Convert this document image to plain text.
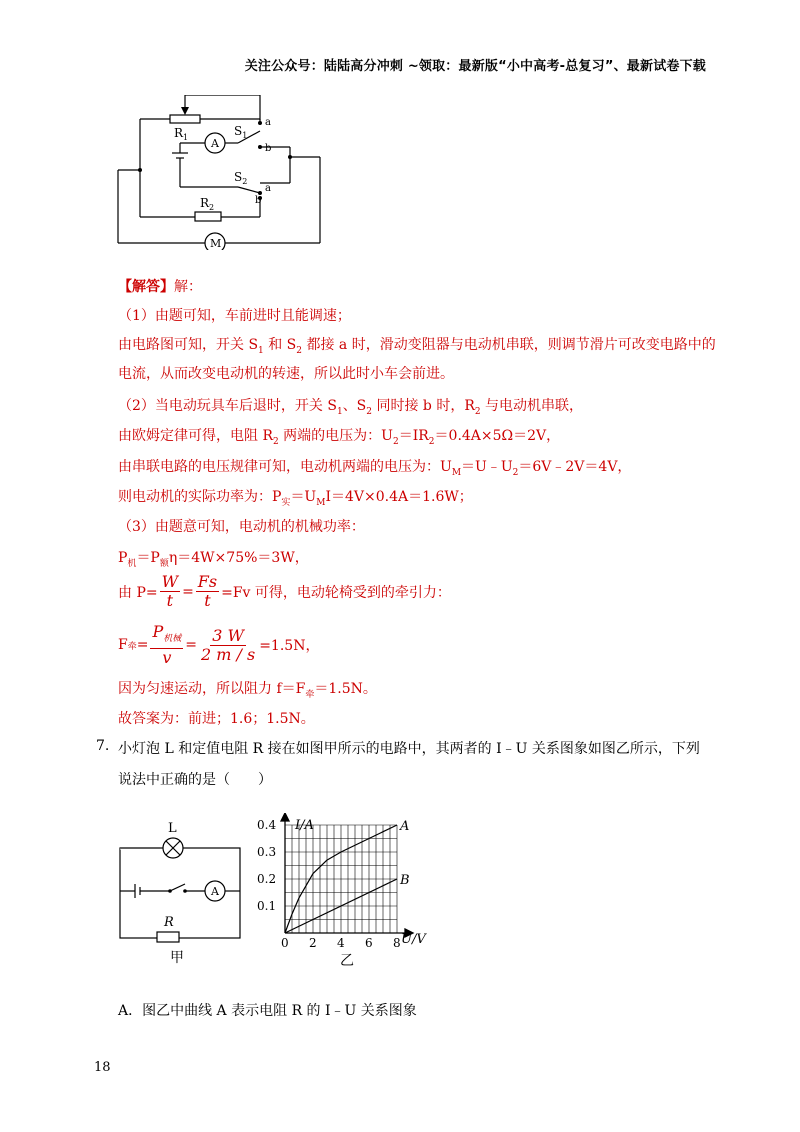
关注公众号：陆陆高分冲刺 ~领取：最新版“小中高考-总复习”、最新试卷下载
$R_1$	$S_1$
$S_2$
$R_2$
A
M
a
b
a
b
【解答】解：
（1）由题可知，车前进时且能调速；
由电路图可知，开关 $S_1$ 和 $S_2$ 都接 a 时，滑动变阻器与电动机串联，则调节滑片可改变电路中的
电流，从而改变电动机的转速，所以此时小车会前进。
（2）当电动玩具车后退时，开关 $S_1$、$S_2$ 同时接 b 时，$R_2$ 与电动机串联，
由欧姆定律可得，电阻 $R_2$ 两端的电压为：$U_2=IR_2=0.4A\times 5\Omega=2V$，
由串联电路的电压规律可知，电动机两端的电压为：$U_M=U﹣U_2=6V﹣2V=4V$，
则电动机的实际功率为：$P_实=U_MI=4V\times 0.4A=1.6W$；
（3）由题意可知，电动机的机械功率：
$P_机=P_额\eta=4W\times 75\%=3W$，
由 $P= \frac{W}{t} = \frac{Fs}{t} =Fv$ 可得，电动轮椅受到的牵引力：
F 牵 = $\frac{P_{机械}}{v} = \frac{3 W}{2 m / s} =1.5N$，
因为匀速运动，所以阻力 $f=F_牵=1.5N$。
故答案为：前进；1.6；1.5N。
7. 小灯泡 L 和定值电阻 R 接在如图甲所示的电路中，其两者的 I﹣U 关系图象如图乙所示，下列
说法中正确的是（　　）
L
A
R
甲
0 2 4 6 8
0.1
0.2
0.3
0.4	A
B
I/A
U/V
乙
A．图乙中曲线 A 表示电阻 R 的 I﹣U 关系图象
18
